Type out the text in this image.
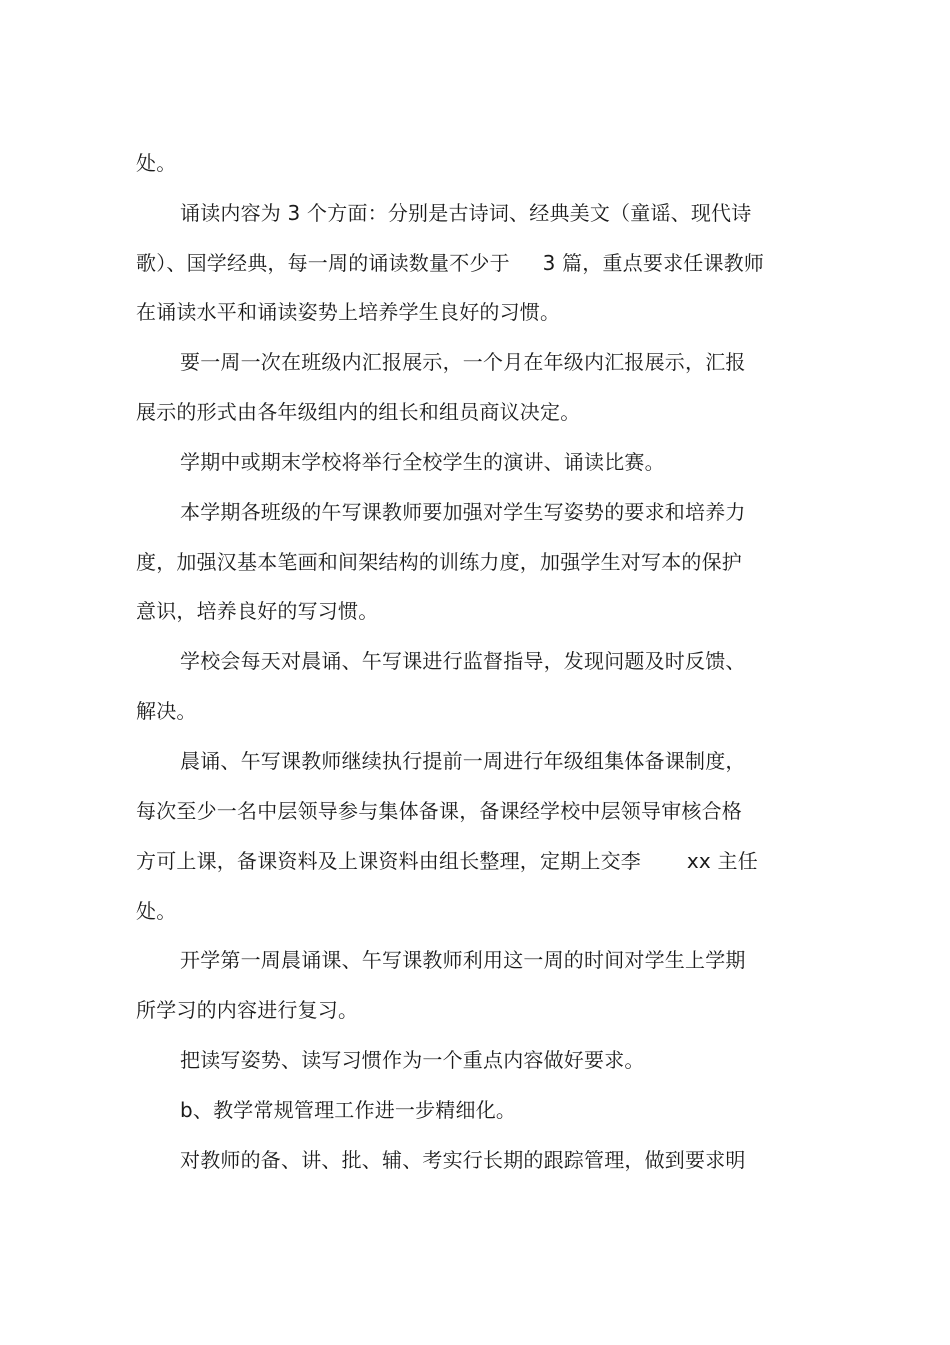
处。
诵读内容为 3 个方面：分别是古诗词、经典美文（童谣、现代诗
歌）、国学经典，每一周的诵读数量不少于     3 篇，重点要求任课教师
在诵读水平和诵读姿势上培养学生良好的习惯。
要一周一次在班级内汇报展示，一个月在年级内汇报展示，汇报
展示的形式由各年级组内的组长和组员商议决定。
学期中或期末学校将举行全校学生的演讲、诵读比赛。
本学期各班级的午写课教师要加强对学生写姿势的要求和培养力
度，加强汉基本笔画和间架结构的训练力度，加强学生对写本的保护
意识，培养良好的写习惯。
学校会每天对晨诵、午写课进行监督指导，发现问题及时反馈、
解决。
晨诵、午写课教师继续执行提前一周进行年级组集体备课制度，
每次至少一名中层领导参与集体备课，备课经学校中层领导审核合格
方可上课，备课资料及上课资料由组长整理，定期上交李       xx 主任
处。
开学第一周晨诵课、午写课教师利用这一周的时间对学生上学期
所学习的内容进行复习。
把读写姿势、读写习惯作为一个重点内容做好要求。
b、教学常规管理工作进一步精细化。
对教师的备、讲、批、辅、考实行长期的跟踪管理，做到要求明
